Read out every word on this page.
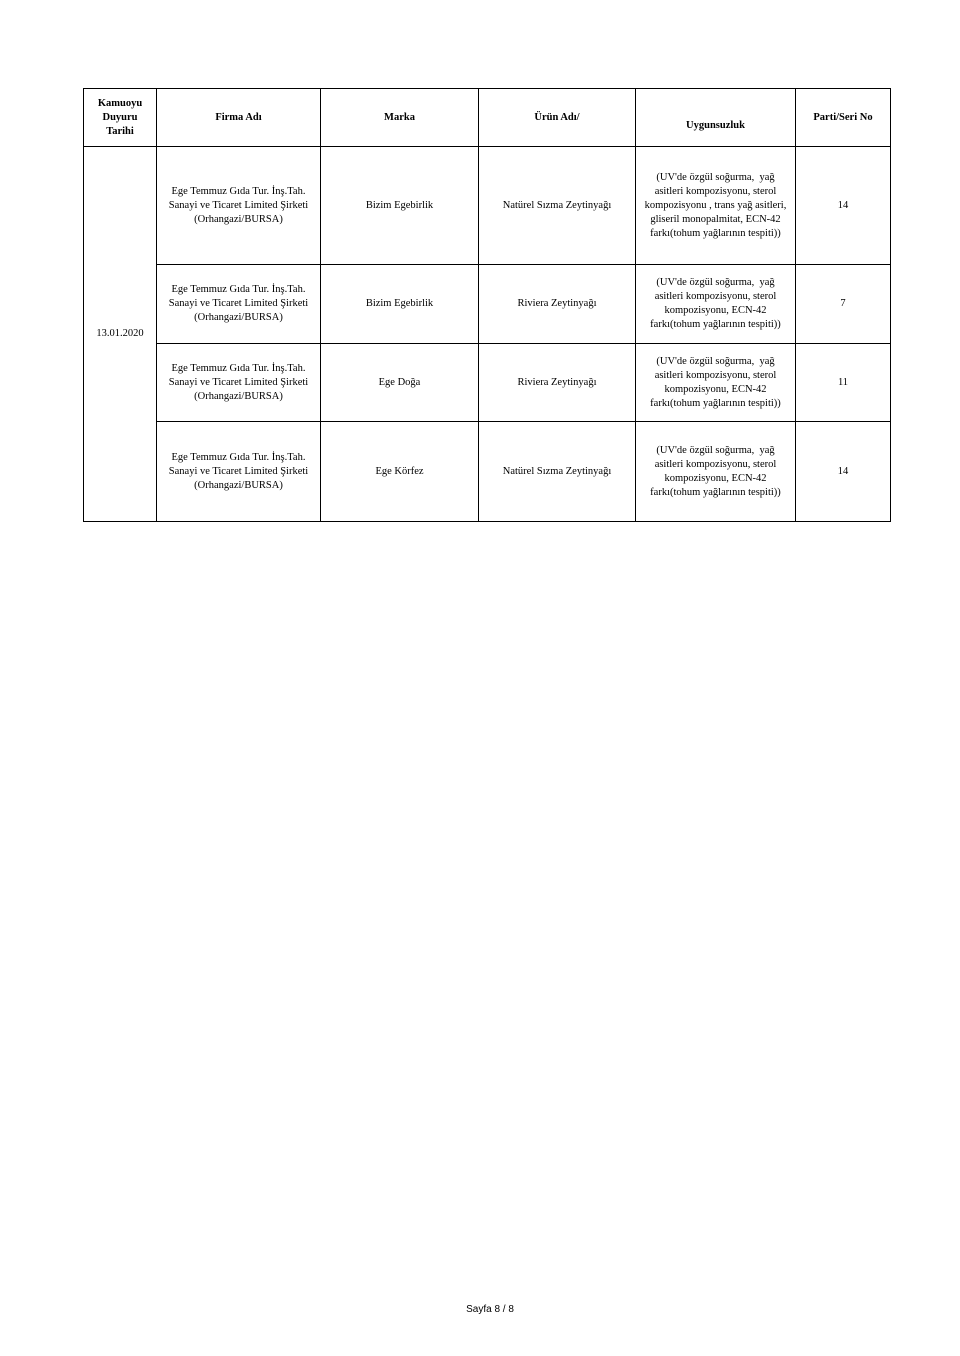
Kamuoyu
Duyuru
Tarihi	Firma Adı	Marka	Ürün Adı/	Uygunsuzluk	Parti/Seri No
13.01.2020	Ege Temmuz Gıda Tur. İnş.Tah.
Sanayi ve Ticaret Limited Şirketi
(Orhangazi/BURSA)	Bizim Egebirlik	Natürel Sızma Zeytinyağı	(UV'de özgül soğurma,  yağ
asitleri kompozisyonu, sterol
kompozisyonu , trans yağ asitleri,
gliseril monopalmitat, ECN-42
farkı(tohum yağlarının tespiti))	14
	Ege Temmuz Gıda Tur. İnş.Tah.
Sanayi ve Ticaret Limited Şirketi
(Orhangazi/BURSA)	Bizim Egebirlik	Riviera Zeytinyağı	(UV'de özgül soğurma,  yağ
asitleri kompozisyonu, sterol
kompozisyonu, ECN-42
farkı(tohum yağlarının tespiti))	7
	Ege Temmuz Gıda Tur. İnş.Tah.
Sanayi ve Ticaret Limited Şirketi
(Orhangazi/BURSA)	Ege Doğa	Riviera Zeytinyağı	(UV'de özgül soğurma,  yağ
asitleri kompozisyonu, sterol
kompozisyonu, ECN-42
farkı(tohum yağlarının tespiti))	11
	Ege Temmuz Gıda Tur. İnş.Tah.
Sanayi ve Ticaret Limited Şirketi
(Orhangazi/BURSA)	Ege Körfez	Natürel Sızma Zeytinyağı	(UV'de özgül soğurma,  yağ
asitleri kompozisyonu, sterol
kompozisyonu, ECN-42
farkı(tohum yağlarının tespiti))	14
Sayfa 8 / 8
